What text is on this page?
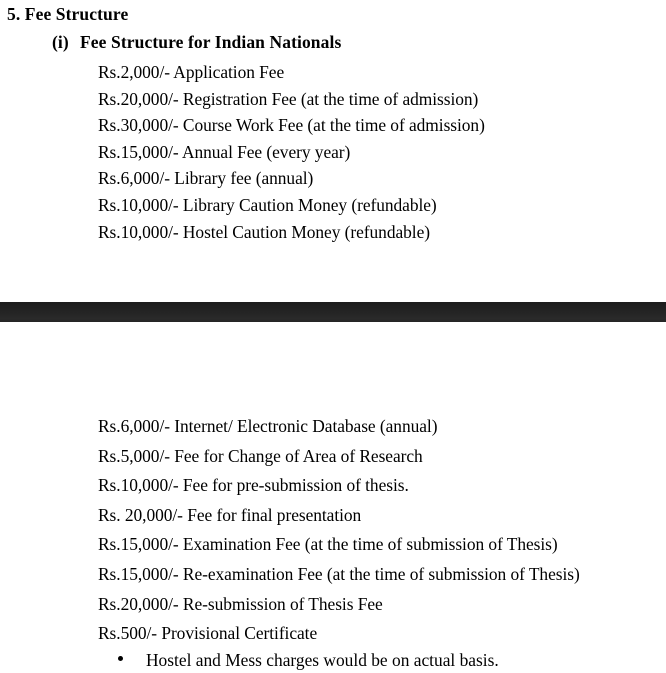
5. Fee Structure
(i) Fee Structure for Indian Nationals
Rs.2,000/- Application Fee
Rs.20,000/- Registration Fee (at the time of admission)
Rs.30,000/- Course Work Fee (at the time of admission)
Rs.15,000/- Annual Fee (every year)
Rs.6,000/- Library fee (annual)
Rs.10,000/- Library Caution Money (refundable)
Rs.10,000/- Hostel Caution Money (refundable)
Rs.6,000/- Internet/ Electronic Database (annual)
Rs.5,000/- Fee for Change of Area of Research
Rs.10,000/- Fee for pre-submission of thesis.
Rs. 20,000/- Fee for final presentation
Rs.15,000/- Examination Fee (at the time of submission of Thesis)
Rs.15,000/- Re-examination Fee (at the time of submission of Thesis)
Rs.20,000/- Re-submission of Thesis Fee
Rs.500/- Provisional Certificate
Hostel and Mess charges would be on actual basis.
